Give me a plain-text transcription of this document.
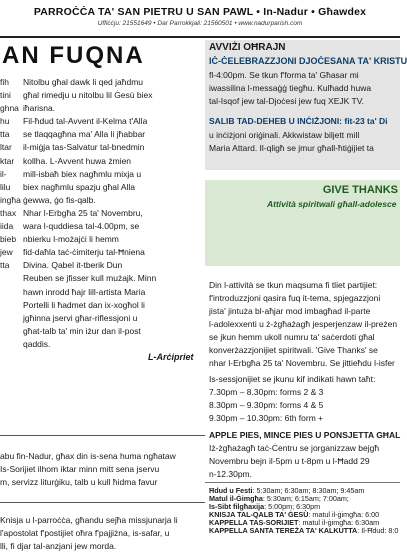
PARROĊĊA TA' SAN PIETRU U SAN PAWL • In-Nadur • Għawdex
Uffiċċju: 21551649 • Dar Parrokkjali: 21560501 • www.nadurparish.com
AN FUQNA
fih
tini
ghna
hu
tta
ltar
ktar
il-
lilu
ingħa
thax
iida
bieb
jew
tta
Nitolbu għal dawk li qed jaħdmu
għal rimedju u nitolbu lil Ġesù biex
iħarisna.
Fil-ħdud tal-Avvent il-Kelma t'Alla
se tlaqqagħna ma' Alla li jħabbar
il-miġja tas-Salvatur tal-bnedmin
kollha. L-Avvent huwa żmien
mill-isbaħ biex nagħmlu mixja u
biex nagħmlu spazju għal Alla
ġewwa, ġo fis-qalb.
Nhar l-Erbgħa 25 ta' Novembru,
wara l-quddiesa tal-4.00pm, se
nbierku l-możajċi li hemm
fid-daħla taċ-ċimiterju tal-Ħniena
Divina. Qabel it-tberik Dun
Reuben se jfisser kull mużajk. Minn
hawn inrodd ħajr lill-artista Maria
Portelli li ħadmet dan ix-xogħol li
jgħinna jservi għar-riflessjoni u
għat-talb ta' min iżur dan il-post
qaddis.
L-Arċipriet
abu fin-Nadur, għax din is-sena huma ngħataw
Is-Sorijiet ilhom iktar minn mitt sena jservu
m, servizz liturġiku, talb u kull ħidma favur
Knisja u l-parroċċa, għandu sejħa missjunarja li
l'apostolat f'postijiet oħra f'pajjiżna, is-safar, u
lli, fi djar tal-anzjani jew morda.
AVVIŻI OĦRAJN
IĊ-ĊELEBRAZZJONI DJOĊESANA TA' KRISTU
fl-4:00pm. Se tkun f'forma ta' Għasar mi
iwassilina l-messaġġ tiegħu. Kulħadd huwa
tal-Isqof jew tal-Djoċesi jew fuq XEJK TV.
SALIB TAD-DEHEB U INĊIŻJONI: fit-23 ta' Di
u inċiżjoni oriġinali. Akkwistaw biljett mill
Maria Attard. Il-qligħ se jmur għall-ħtiġijiet ta
GIVE THANKS
Attività spiritwali għall-adolesce
Din l-attività se tkun maqsuma fi tliet partijiet:
f'introduzzjoni qasira fuq it-tema, spjegazzjoni
jista' jintuża bl-aħjar mod imbagħad il-parte
l-adolexxenti u ż-żgħażagħ jesperjenzaw il-preżen
se jkun hemm ukoll numru ta' saċerdoti għal
konverżazzjonijiet spiritwali. 'Give Thanks' se
nhar l-Erbgħa 25 ta' Novembru. Se jittieħdu l-isfer
Is-sessjonijiet se jkunu kif indikati hawn taħt:
7.30pm – 8.30pm: forms 2 & 3
8.30pm – 9.30pm: forms 4 & 5
9.30pm – 10.30pm: 6th form +
APPLE PIES, MINCE PIES U PONSJETTA GĦAL
Iż-żgħażagħ taċ-Ċentru se jorganizzaw bejgħ
Novembru bejn il-5pm u t-8pm u l-Ħadd 29
n-12.30pm.
Ħdud u Festi: 5:30am; 6:30am; 8:30am; 9:45am
Matul il-Ġimgħa: 5:30am; 6:15am; 7:00am;
Is-Sibt filgħaxija: 5:00pm; 6:30pm
KNISJA TAL-QALB TA' ĠESÙ: matul il-ġimgħa: 6:00
KAPPELLA TAS-SORIJIET: matul il-ġimgħa: 6:30am
KAPPELLA SANTA TEREŻA TA' KALKUTTA: Il-Ħdud: 8:0
